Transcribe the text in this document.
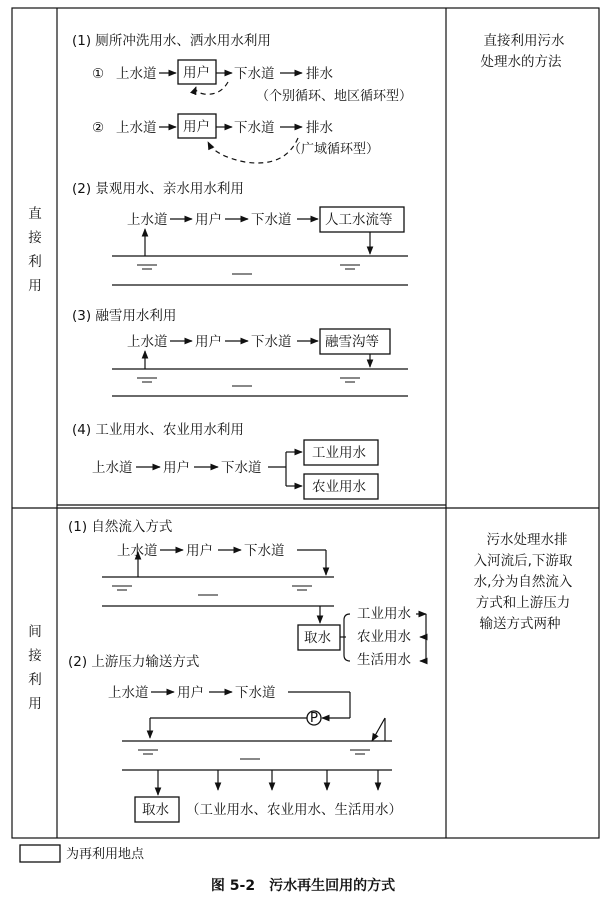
直
接
利
用
间
接
利
用
直接利用污水
处理水的方法
污水处理水排
入河流后,下游取
水,分为自然流入
方式和上游压力
输送方式两种
(1) 厕所冲洗用水、洒水用水利用
① 上水道 用户 下水道 排水
（个别循环、地区循环型）
② 上水道 用户 下水道 排水
（广域循环型）
(2) 景观用水、亲水用水利用
上水道 用户 下水道 人工水流等
(3) 融雪用水利用
上水道 用户 下水道 融雪沟等
(4) 工业用水、农业用水利用
上水道 用户 下水道
工业用水
农业用水
(1) 自然流入方式
上水道 用户 下水道
取水
工业用水
农业用水
生活用水
(2) 上游压力输送方式
上水道 用户 下水道
P
取水 （工业用水、农业用水、生活用水）
为再利用地点
图 5-2　污水再生回用的方式
